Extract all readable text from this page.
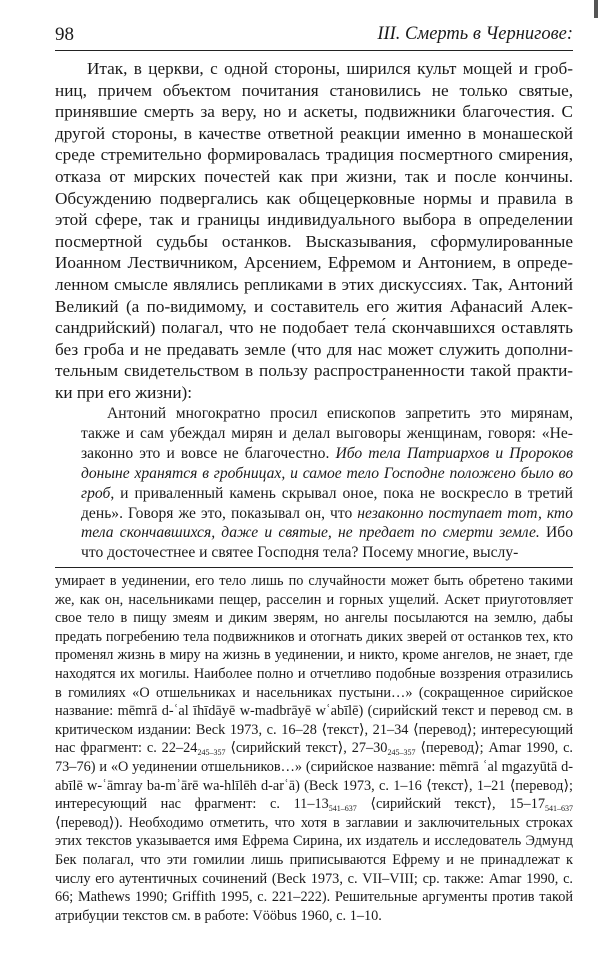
98	III. Смерть в Чернигове:

Итак, в церкви, с одной стороны, ширился культ мощей и гробниц, причем объектом почитания становились не только святые, принявшие смерть за веру, но и аскеты, подвижники благочестия. С другой стороны, в качестве ответной реакции именно в монашеской среде стремительно формировалась традиция посмертного смирения, отказа от мирских почестей как при жизни, так и после кончины. Обсуждению подвергались как общецерковные нормы и правила в этой сфере, так и границы индивидуального выбора в определении посмертной судьбы останков. Высказывания, сформулированные Иоанном Лествичником, Арсением, Ефремом и Антонием, в определенном смысле являлись репликами в этих дискуссиях. Так, Антоний Великий (а по-видимому, и составитель его жития Афанасий Александрийский) полагал, что не подобает тела́ скончавшихся оставлять без гроба и не предавать земле (что для нас может служить дополнительным свидетельством в пользу распространенности такой практики при его жизни):

Антоний многократно просил епископов запретить это мирянам, также и сам убеждал мирян и делал выговоры женщинам, говоря: «Незаконно это и вовсе не благочестно. Ибо тела Патриархов и Пророков доныне хранятся в гробницах, и самое тело Господне положено было во гроб, и приваленный камень скрывал оное, пока не воскресло в третий день». Говоря же это, показывал он, что незаконно поступает тот, кто тела скончавшихся, даже и святые, не предает по смерти земле. Ибо что досточестнее и святее Господня тела? Посему многие, выслу-

умирает в уединении, его тело лишь по случайности может быть обретено такими же, как он, насельниками пещер, расселин и горных ущелий. Аскет приуготовляет свое тело в пищу змеям и диким зверям, но ангелы посылаются на землю, дабы предать погребению тела подвижников и отогнать диких зверей от останков тех, кто променял жизнь в миру на жизнь в уединении, и никто, кроме ангелов, не знает, где находятся их могилы. Наиболее полно и отчетливо подобные воззрения отразились в гомилиях «О отшельниках и насельниках пустыни…» (сокращенное сирийское название: mēmrā d-ʿal īhīdāyē w-madbrāyē wʿabīlē) (сирийский текст и перевод см. в критическом издании: Beck 1973, с. 16–28 ⟨текст⟩, 21–34 ⟨перевод⟩; интересующий нас фрагмент: с. $22-24_{245-357}$ ⟨сирийский текст⟩, $27-30_{245-357}$ ⟨перевод⟩; Amar 1990, с. 73–76) и «О уединении отшельников…» (сирийское название: mēmrā ʿal mgazyūtā d-abīlē w-ʿāmray ba-mʾārē wa-hlīlēh d-arʿā) (Beck 1973, с. 1–16 ⟨текст⟩, 1–21 ⟨перевод⟩; интересующий нас фрагмент: с. $11-13_{541-637}$ ⟨сирийский текст⟩, $15-17_{541-637}$ ⟨перевод⟩). Необходимо отметить, что хотя в заглавии и заключительных строках этих текстов указывается имя Ефрема Сирина, их издатель и исследователь Эдмунд Бек полагал, что эти гомилии лишь приписываются Ефрему и не принадлежат к числу его аутентичных сочинений (Beck 1973, с. VII–VIII; ср. также: Amar 1990, с. 66; Mathews 1990; Griffith 1995, с. 221–222). Решительные аргументы против такой атрибуции текстов см. в работе: Vööbus 1960, с. 1–10.
